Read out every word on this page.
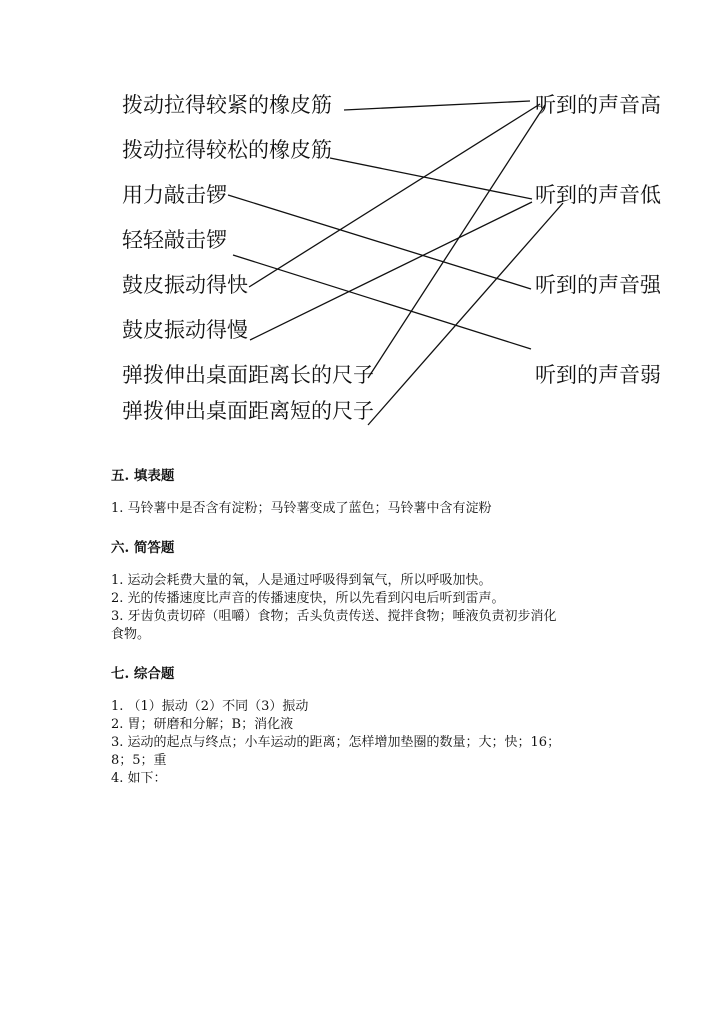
拨动拉得较紧的橡皮筋
拨动拉得较松的橡皮筋
用力敲击锣
轻轻敲击锣
鼓皮振动得快
鼓皮振动得慢
弹拨伸出桌面距离长的尺子
弹拨伸出桌面距离短的尺子
听到的声音高
听到的声音低
听到的声音强
听到的声音弱

五. 填表题

1. 马铃薯中是否含有淀粉；马铃薯变成了蓝色；马铃薯中含有淀粉

六. 简答题

1. 运动会耗费大量的氧，人是通过呼吸得到氧气，所以呼吸加快。

2. 光的传播速度比声音的传播速度快，所以先看到闪电后听到雷声。

3. 牙齿负责切碎（咀嚼）食物；舌头负责传送、搅拌食物；唾液负责初步消化

食物。

七. 综合题

1. （1）振动（2）不同（3）振动

2. 胃；研磨和分解；B；消化液

3. 运动的起点与终点；小车运动的距离；怎样增加垫圈的数量；大；快；16；

8；5；重

4. 如下：
